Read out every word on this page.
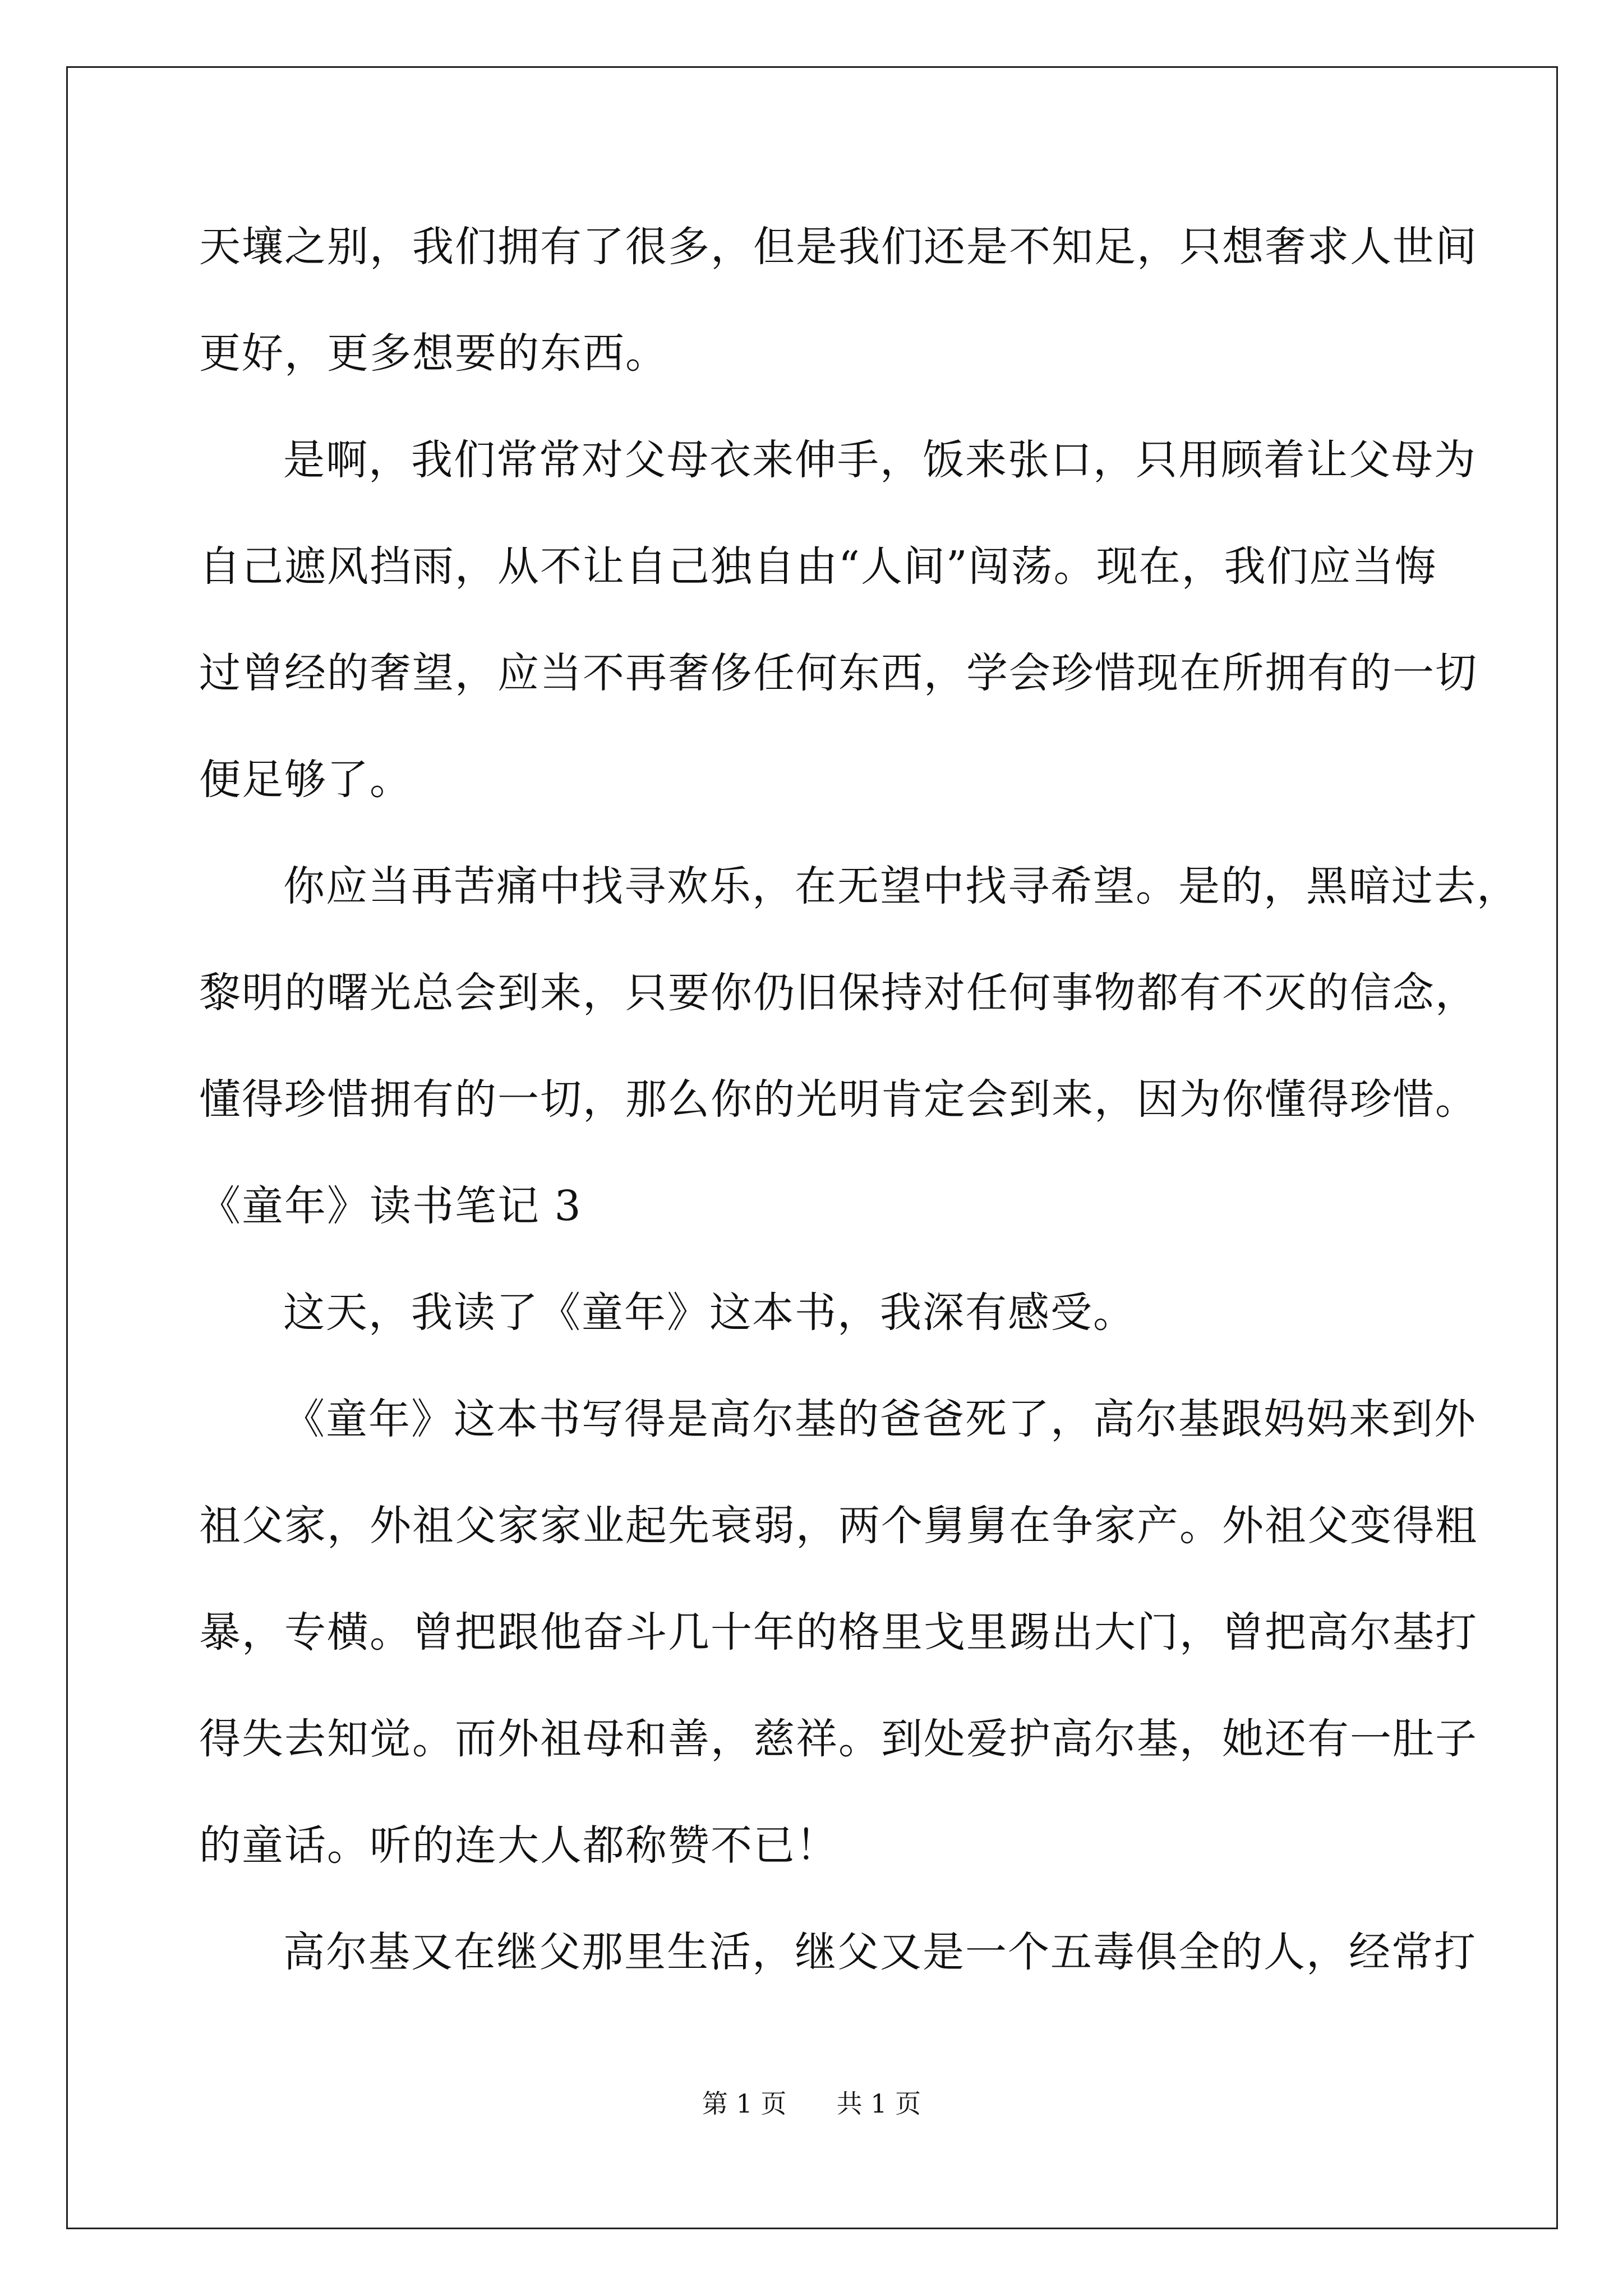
天壤之别，我们拥有了很多，但是我们还是不知足，只想奢求人世间
更好，更多想要的东西。
是啊，我们常常对父母衣来伸手，饭来张口，只用顾着让父母为
自己遮风挡雨，从不让自己独自由“人间”闯荡。现在，我们应当悔
过曾经的奢望，应当不再奢侈任何东西，学会珍惜现在所拥有的一切
便足够了。
你应当再苦痛中找寻欢乐，在无望中找寻希望。是的，黑暗过去，
黎明的曙光总会到来，只要你仍旧保持对任何事物都有不灭的信念，
懂得珍惜拥有的一切，那么你的光明肯定会到来，因为你懂得珍惜。
《童年》读书笔记 3
这天，我读了《童年》这本书，我深有感受。
《童年》这本书写得是高尔基的爸爸死了，高尔基跟妈妈来到外
祖父家，外祖父家家业起先衰弱，两个舅舅在争家产。外祖父变得粗
暴，专横。曾把跟他奋斗几十年的格里戈里踢出大门，曾把高尔基打
得失去知觉。而外祖母和善，慈祥。到处爱护高尔基，她还有一肚子
的童话。听的连大人都称赞不已！
高尔基又在继父那里生活，继父又是一个五毒俱全的人，经常打
第 1 页 共 1 页
